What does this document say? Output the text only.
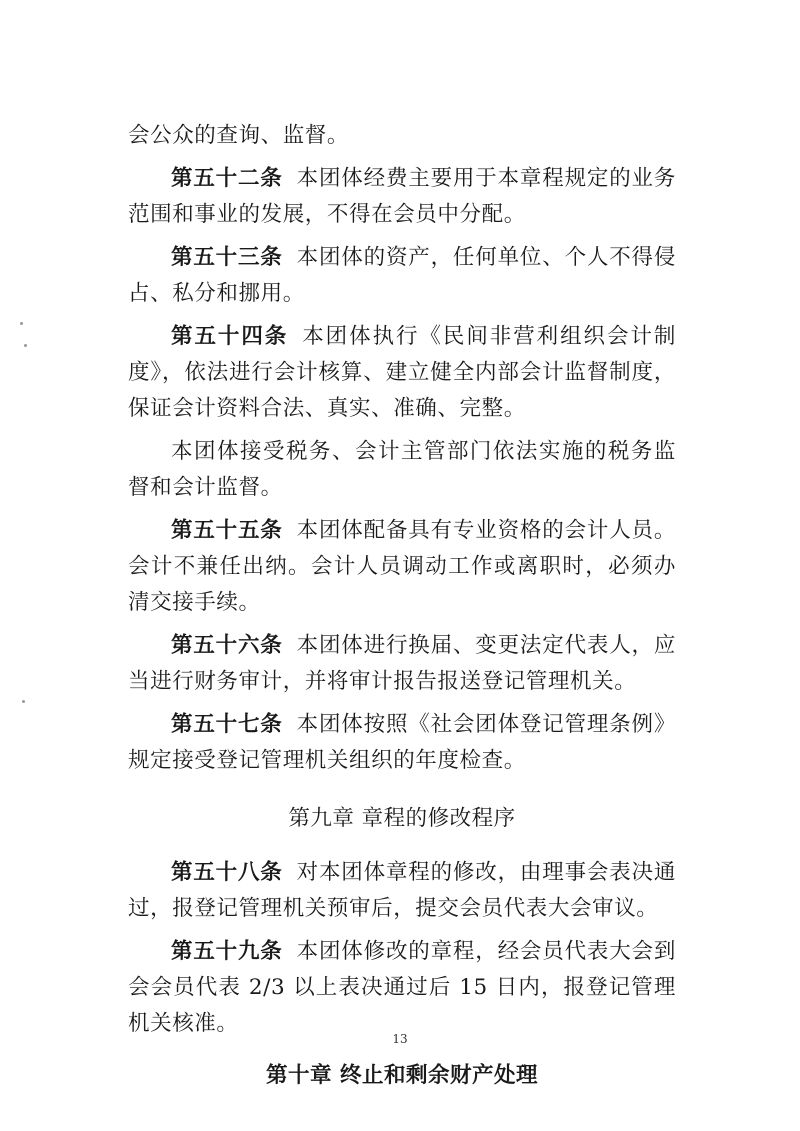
会公众的查询、监督。

第五十二条 本团体经费主要用于本章程规定的业务范围和事业的发展，不得在会员中分配。

第五十三条 本团体的资产，任何单位、个人不得侵占、私分和挪用。

第五十四条 本团体执行《民间非营利组织会计制度》，依法进行会计核算、建立健全内部会计监督制度，保证会计资料合法、真实、准确、完整。

本团体接受税务、会计主管部门依法实施的税务监督和会计监督。

第五十五条 本团体配备具有专业资格的会计人员。会计不兼任出纳。会计人员调动工作或离职时，必须办清交接手续。

第五十六条 本团体进行换届、变更法定代表人，应当进行财务审计，并将审计报告报送登记管理机关。

第五十七条 本团体按照《社会团体登记管理条例》规定接受登记管理机关组织的年度检查。

第九章 章程的修改程序

第五十八条 对本团体章程的修改，由理事会表决通过，报登记管理机关预审后，提交会员代表大会审议。

第五十九条 本团体修改的章程，经会员代表大会到会会员代表 2/3 以上表决通过后 15 日内，报登记管理机关核准。

第十章 终止和剩余财产处理
13
